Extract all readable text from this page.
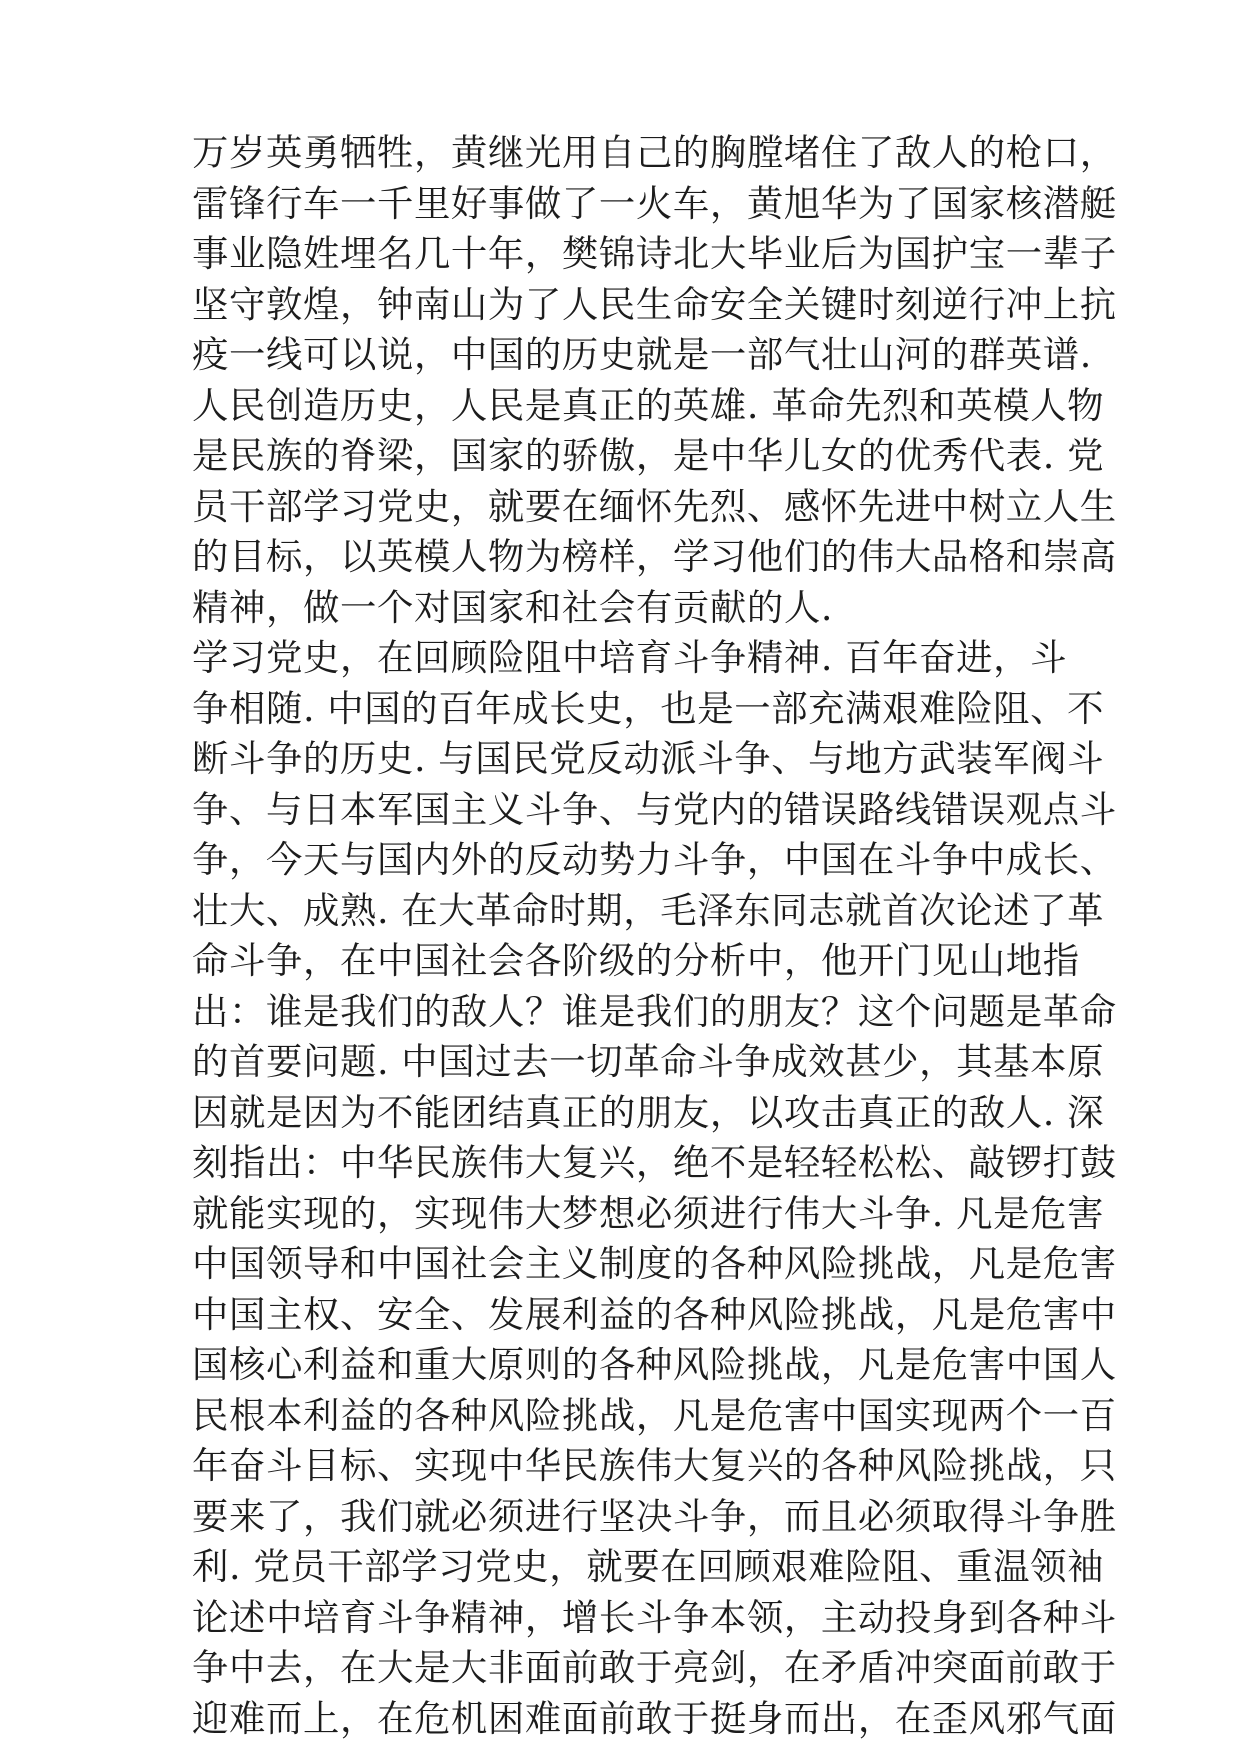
万岁英勇牺牲，黄继光用自己的胸膛堵住了敌人的枪口，
雷锋行车一千里好事做了一火车，黄旭华为了国家核潜艇
事业隐姓埋名几十年，樊锦诗北大毕业后为国护宝一辈子
坚守敦煌，钟南山为了人民生命安全关键时刻逆行冲上抗
疫一线可以说，中国的历史就是一部气壮山河的群英谱.
人民创造历史，人民是真正的英雄. 革命先烈和英模人物
是民族的脊梁，国家的骄傲，是中华儿女的优秀代表. 党
员干部学习党史，就要在缅怀先烈、感怀先进中树立人生
的目标，以英模人物为榜样，学习他们的伟大品格和崇高
精神，做一个对国家和社会有贡献的人.
学习党史，在回顾险阻中培育斗争精神. 百年奋进，斗
争相随. 中国的百年成长史，也是一部充满艰难险阻、不
断斗争的历史. 与国民党反动派斗争、与地方武装军阀斗
争、与日本军国主义斗争、与党内的错误路线错误观点斗
争，今天与国内外的反动势力斗争，中国在斗争中成长、
壮大、成熟. 在大革命时期，毛泽东同志就首次论述了革
命斗争，在中国社会各阶级的分析中，他开门见山地指
出：谁是我们的敌人？谁是我们的朋友？这个问题是革命
的首要问题. 中国过去一切革命斗争成效甚少，其基本原
因就是因为不能团结真正的朋友，以攻击真正的敌人. 深
刻指出：中华民族伟大复兴，绝不是轻轻松松、敲锣打鼓
就能实现的，实现伟大梦想必须进行伟大斗争. 凡是危害
中国领导和中国社会主义制度的各种风险挑战，凡是危害
中国主权、安全、发展利益的各种风险挑战，凡是危害中
国核心利益和重大原则的各种风险挑战，凡是危害中国人
民根本利益的各种风险挑战，凡是危害中国实现两个一百
年奋斗目标、实现中华民族伟大复兴的各种风险挑战，只
要来了，我们就必须进行坚决斗争，而且必须取得斗争胜
利. 党员干部学习党史，就要在回顾艰难险阻、重温领袖
论述中培育斗争精神，增长斗争本领，主动投身到各种斗
争中去，在大是大非面前敢于亮剑，在矛盾冲突面前敢于
迎难而上，在危机困难面前敢于挺身而出，在歪风邪气面
